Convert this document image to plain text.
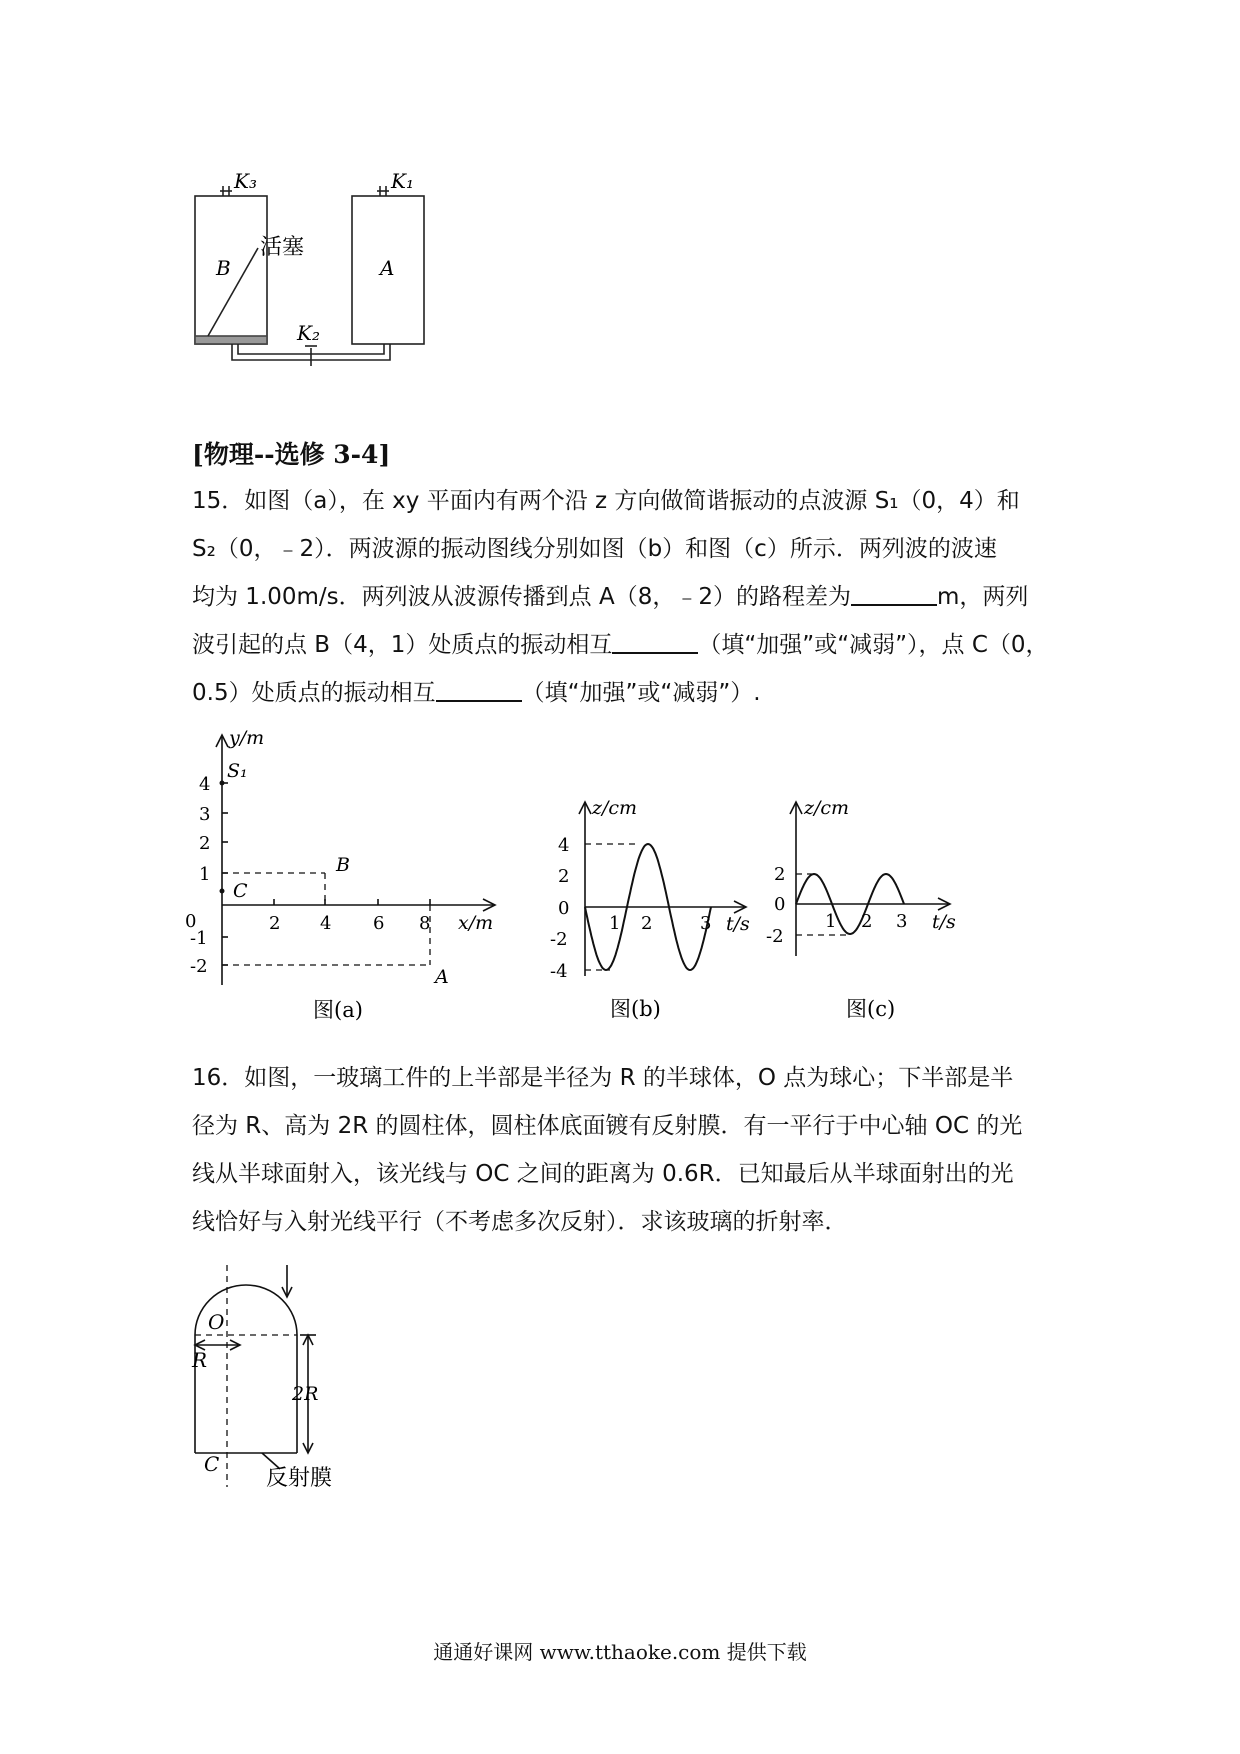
K₃	K₁
K₂
B	A
活塞
[物理--选修 3-4]
15．如图（a），在 xy 平面内有两个沿 z 方向做简谐振动的点波源 S₁（0，4）和
S₂（0，﹣2）．两波源的振动图线分别如图（b）和图（c）所示．两列波的波速
均为 1.00m/s．两列波从波源传播到点 A（8，﹣2）的路程差为	m，两列
波引起的点 B（4，1）处质点的振动相互	（填“加强”或“减弱”），点 C（0，
0.5）处质点的振动相互	（填“加强”或“减弱”）.
y/m
x/m
4
3
2
1
0
-1
-2
2 4 6 8
S₁
B
C
A
图(a)
z/cm
t/s
4
2
0
-2
-4
1 2	3
图(b)
z/cm
t/s
2
0
-2
1 2 3
图(c)
16．如图，一玻璃工件的上半部是半径为 R 的半球体，O 点为球心；下半部是半
径为 R、高为 2R 的圆柱体，圆柱体底面镀有反射膜．有一平行于中心轴 OC 的光
线从半球面射入，该光线与 OC 之间的距离为 0.6R．已知最后从半球面射出的光
线恰好与入射光线平行（不考虑多次反射）．求该玻璃的折射率．
O
R
2R
C
反射膜
通通好课网 www.tthaoke.com 提供下载
